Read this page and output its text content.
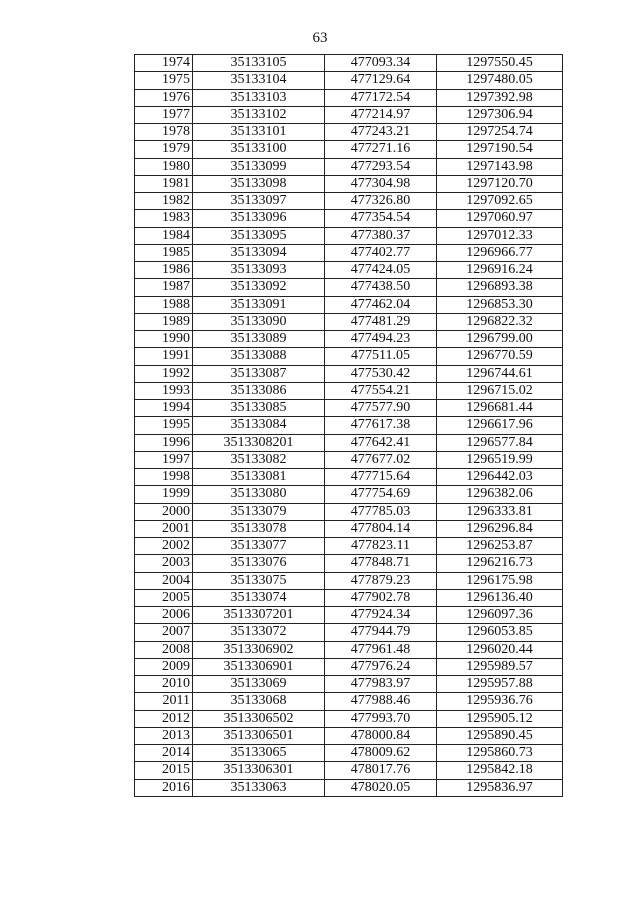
63
1974	35133105	477093.34	1297550.45
1975	35133104	477129.64	1297480.05
1976	35133103	477172.54	1297392.98
1977	35133102	477214.97	1297306.94
1978	35133101	477243.21	1297254.74
1979	35133100	477271.16	1297190.54
1980	35133099	477293.54	1297143.98
1981	35133098	477304.98	1297120.70
1982	35133097	477326.80	1297092.65
1983	35133096	477354.54	1297060.97
1984	35133095	477380.37	1297012.33
1985	35133094	477402.77	1296966.77
1986	35133093	477424.05	1296916.24
1987	35133092	477438.50	1296893.38
1988	35133091	477462.04	1296853.30
1989	35133090	477481.29	1296822.32
1990	35133089	477494.23	1296799.00
1991	35133088	477511.05	1296770.59
1992	35133087	477530.42	1296744.61
1993	35133086	477554.21	1296715.02
1994	35133085	477577.90	1296681.44
1995	35133084	477617.38	1296617.96
1996	3513308201	477642.41	1296577.84
1997	35133082	477677.02	1296519.99
1998	35133081	477715.64	1296442.03
1999	35133080	477754.69	1296382.06
2000	35133079	477785.03	1296333.81
2001	35133078	477804.14	1296296.84
2002	35133077	477823.11	1296253.87
2003	35133076	477848.71	1296216.73
2004	35133075	477879.23	1296175.98
2005	35133074	477902.78	1296136.40
2006	3513307201	477924.34	1296097.36
2007	35133072	477944.79	1296053.85
2008	3513306902	477961.48	1296020.44
2009	3513306901	477976.24	1295989.57
2010	35133069	477983.97	1295957.88
2011	35133068	477988.46	1295936.76
2012	3513306502	477993.70	1295905.12
2013	3513306501	478000.84	1295890.45
2014	35133065	478009.62	1295860.73
2015	3513306301	478017.76	1295842.18
2016	35133063	478020.05	1295836.97
